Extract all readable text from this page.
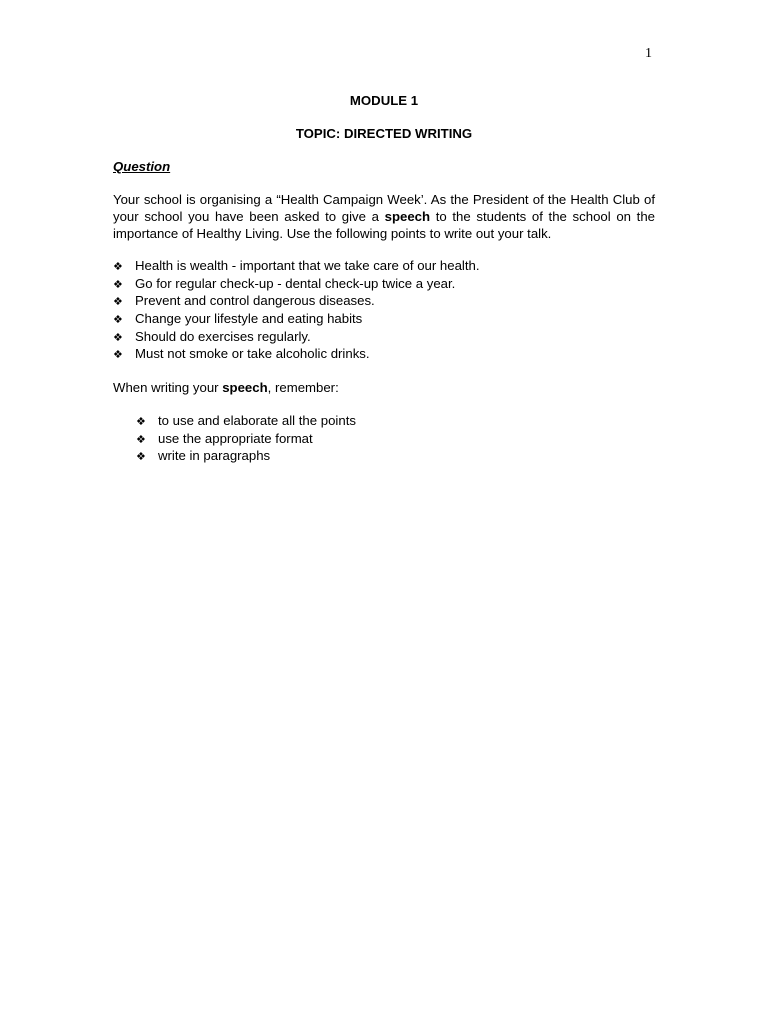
1
MODULE 1
TOPIC: DIRECTED WRITING
Question

Your school is organising a “Health Campaign Week’. As the President of the Health Club of your school you have been asked to give a speech to the students of the school on the importance of Healthy Living. Use the following points to write out your talk.

❖ Health is wealth - important that we take care of our health.
❖ Go for regular check-up - dental check-up twice a year.
❖ Prevent and control dangerous diseases.
❖ Change your lifestyle and eating habits
❖ Should do exercises regularly.
❖ Must not smoke or take alcoholic drinks.

When writing your speech, remember:

❖ to use and elaborate all the points
❖ use the appropriate format
❖ write in paragraphs
